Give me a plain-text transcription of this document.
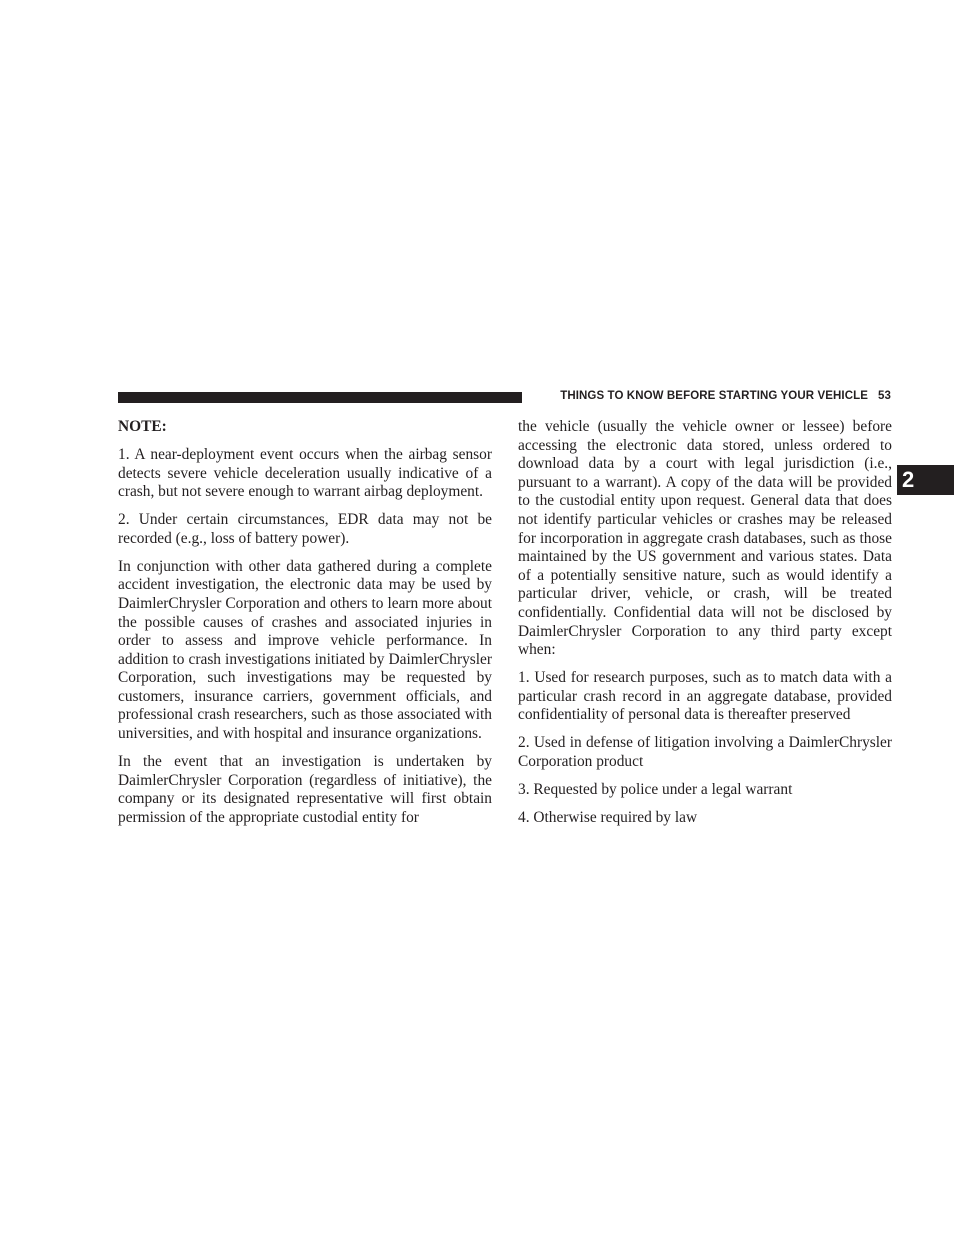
THINGS TO KNOW BEFORE STARTING YOUR VEHICLE 53
2

NOTE:

1. A near-deployment event occurs when the airbag sensor detects severe vehicle deceleration usually indicative of a crash, but not severe enough to warrant airbag deployment.

2. Under certain circumstances, EDR data may not be recorded (e.g., loss of battery power).

In conjunction with other data gathered during a complete accident investigation, the electronic data may be used by DaimlerChrysler Corporation and others to learn more about the possible causes of crashes and associated injuries in order to assess and improve vehicle performance. In addition to crash investigations initiated by DaimlerChrysler Corporation, such investigations may be requested by customers, insurance carriers, government officials, and professional crash researchers, such as those associated with universities, and with hospital and insurance organizations.

In the event that an investigation is undertaken by DaimlerChrysler Corporation (regardless of initiative), the company or its designated representative will first obtain permission of the appropriate custodial entity for

the vehicle (usually the vehicle owner or lessee) before accessing the electronic data stored, unless ordered to download data by a court with legal jurisdiction (i.e., pursuant to a warrant). A copy of the data will be provided to the custodial entity upon request. General data that does not identify particular vehicles or crashes may be released for incorporation in aggregate crash databases, such as those maintained by the US government and various states. Data of a potentially sensitive nature, such as would identify a particular driver, vehicle, or crash, will be treated confidentially. Confidential data will not be disclosed by DaimlerChrysler Corporation to any third party except when:

1. Used for research purposes, such as to match data with a particular crash record in an aggregate database, provided confidentiality of personal data is thereafter preserved

2. Used in defense of litigation involving a DaimlerChrysler Corporation product

3. Requested by police under a legal warrant

4. Otherwise required by law
